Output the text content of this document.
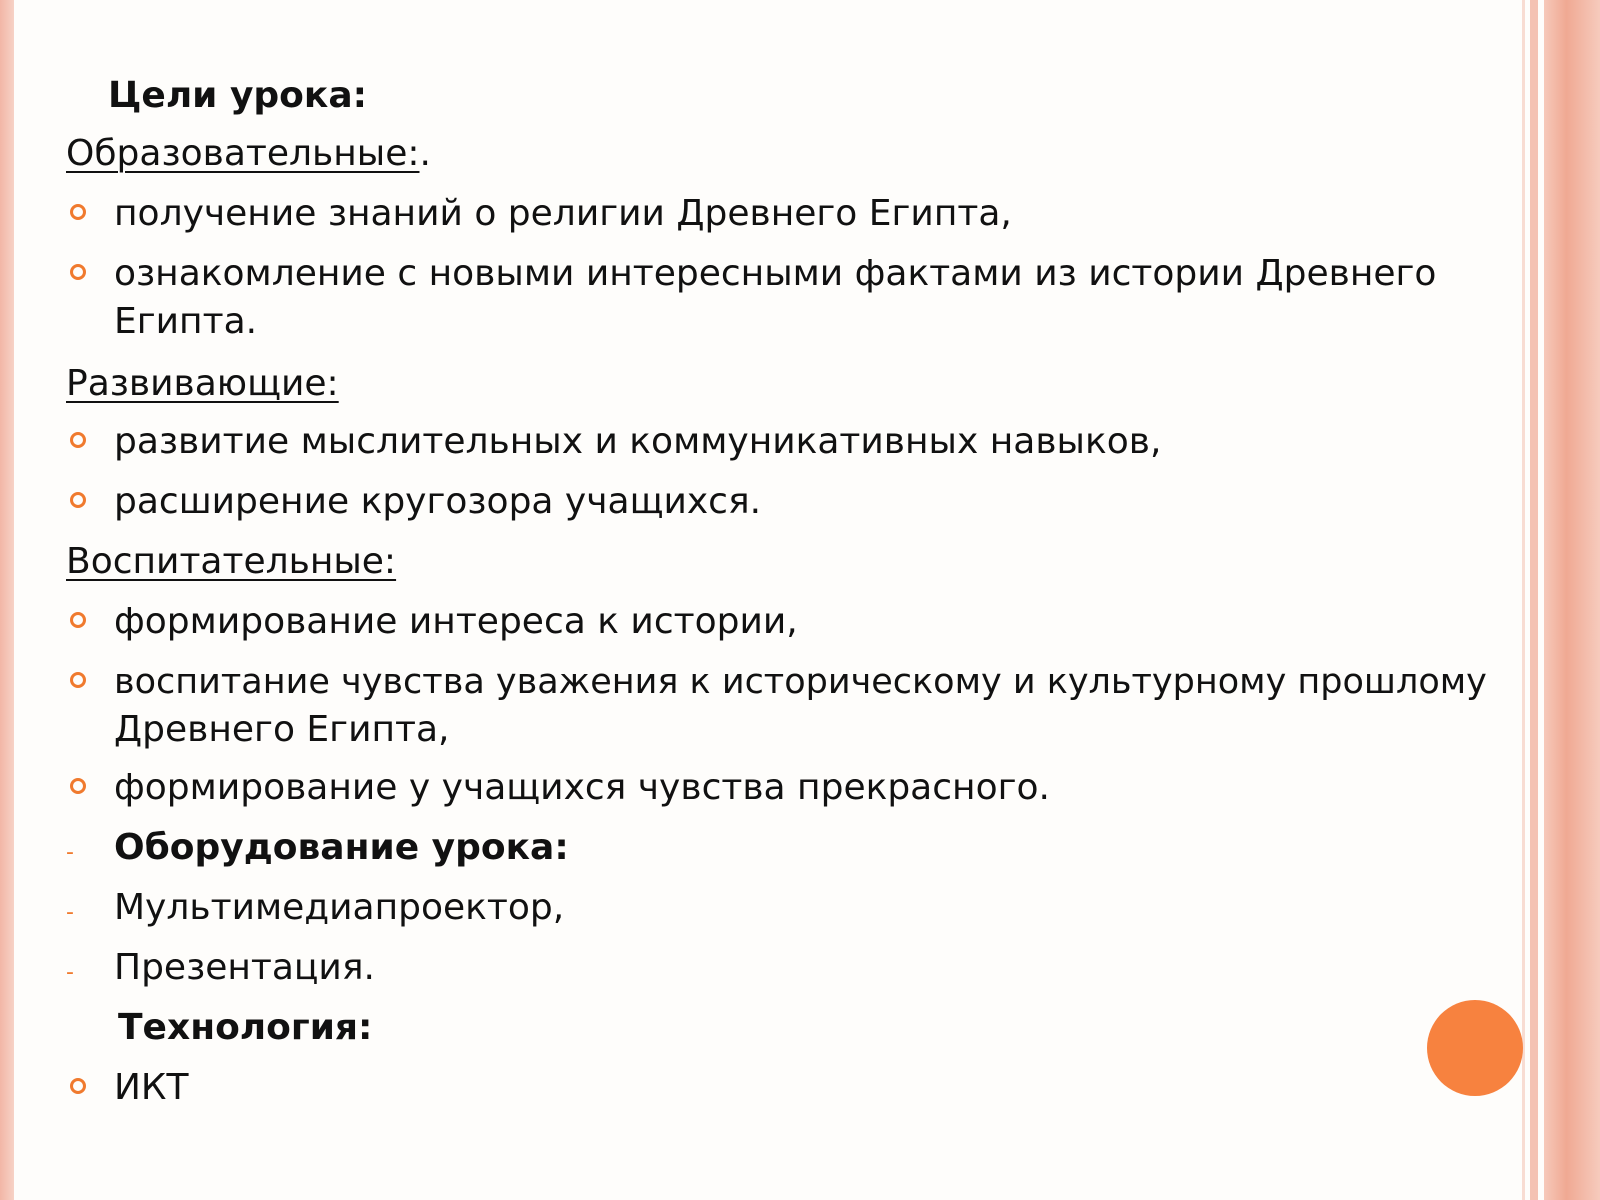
Цели урока:
Образовательные:.
получение знаний о религии Древнего Египта,
ознакомление с новыми интересными фактами из истории Древнего
Египта.
Развивающие:
развитие мыслительных и коммуникативных навыков,
расширение кругозора учащихся.
Воспитательные:
формирование интереса к истории,
воспитание чувства уважения к историческому и культурному прошлому
Древнего Египта,
формирование у учащихся чувства прекрасного.
- Оборудование урока:
- Мультимедиапроектор,
- Презентация.
Технология:
ИКТ
